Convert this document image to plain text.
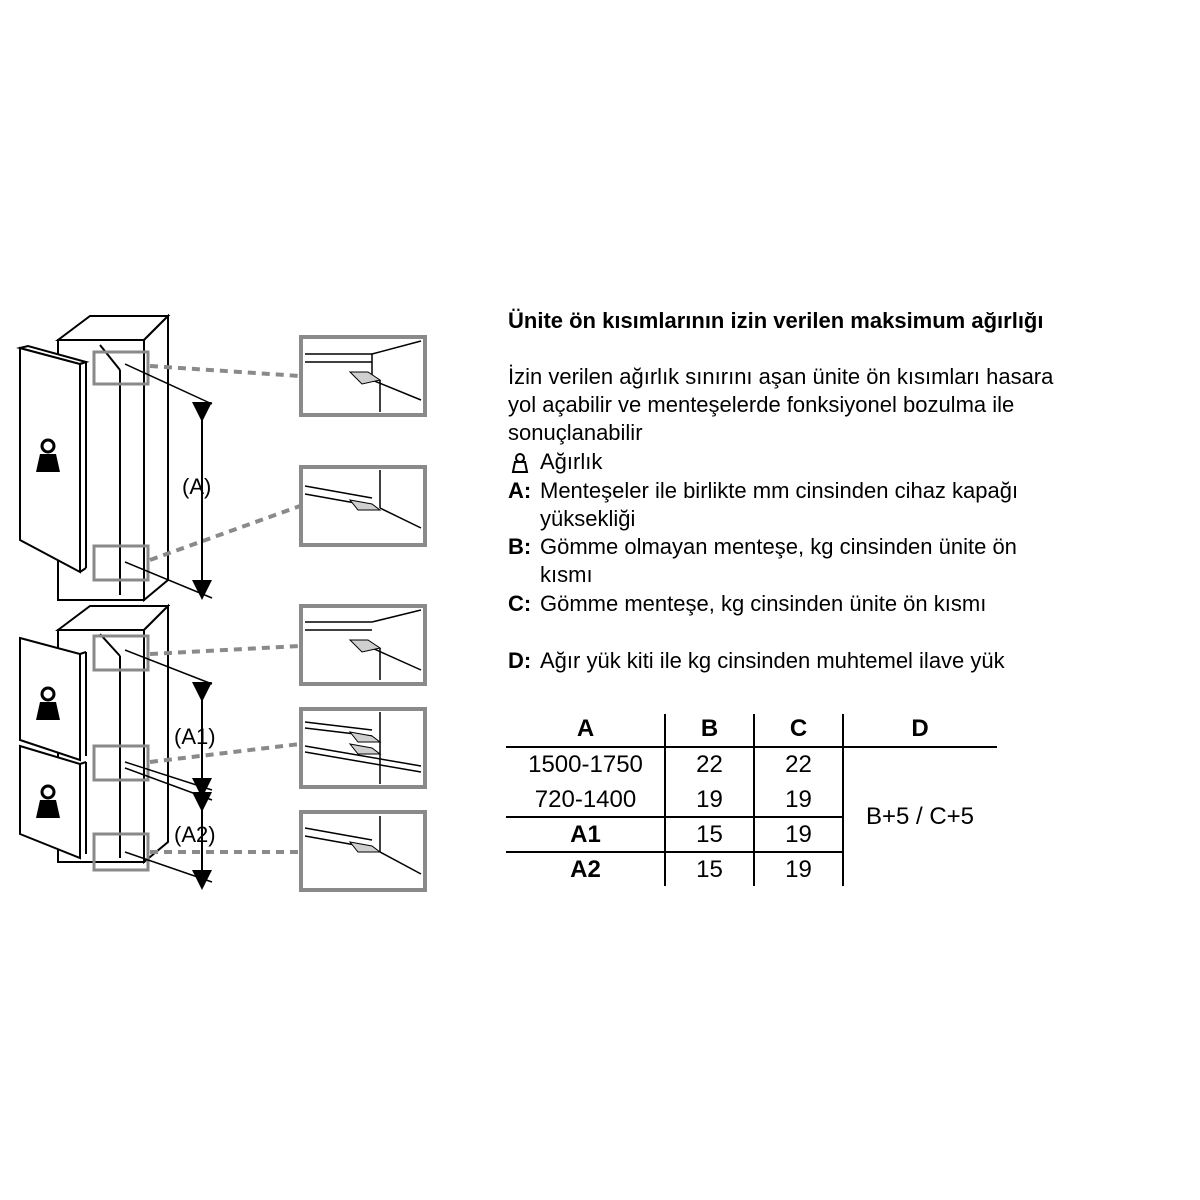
(A)
(A1)
(A2)
Ünite ön kısımlarının izin verilen maksimum ağırlığı
İzin verilen ağırlık sınırını aşan ünite ön kısımları hasara
yol açabilir ve menteşelerde fonksiyonel bozulma ile
sonuçlanabilir
Ağırlık
A: Menteşeler ile birlikte mm cinsinden cihaz kapağı
yüksekliği
B: Gömme olmayan menteşe, kg cinsinden ünite ön
kısmı
C: Gömme menteşe, kg cinsinden ünite ön kısmı
D: Ağır yük kiti ile kg cinsinden muhtemel ilave yük
A	B	C	D
1500-1750	22	22
720-1400	19	19
A1	15	19
A2	15	19
B+5 / C+5
